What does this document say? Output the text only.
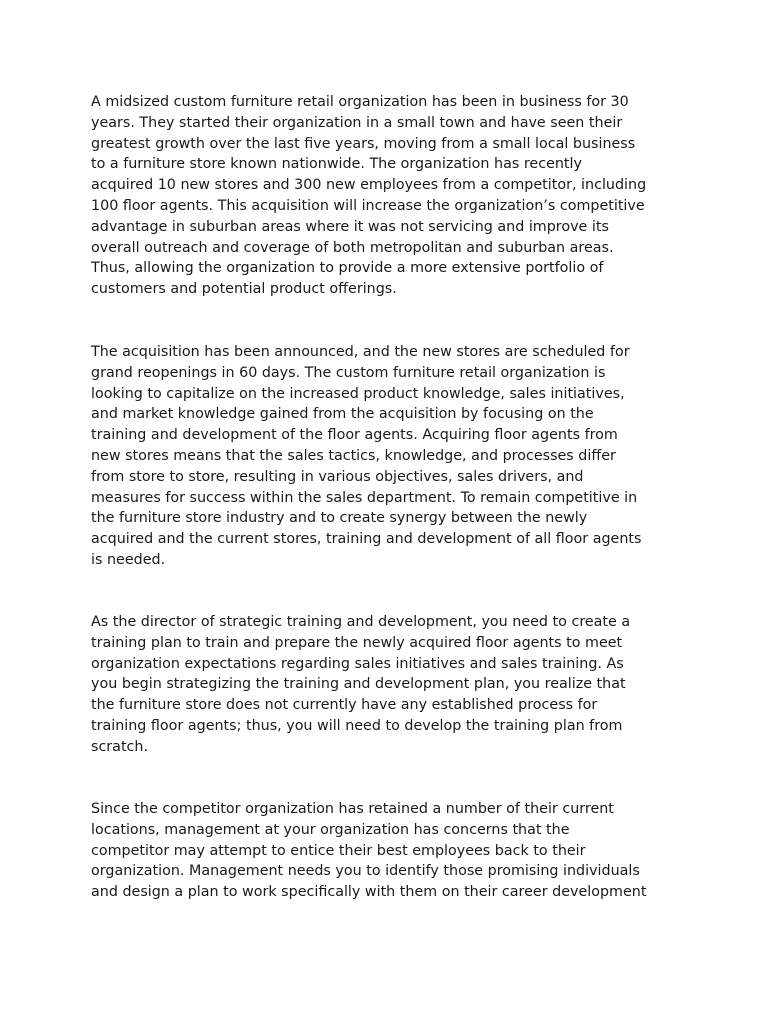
A midsized custom furniture retail organization has been in business for 30
years. They started their organization in a small town and have seen their
greatest growth over the last five years, moving from a small local business
to a furniture store known nationwide. The organization has recently
acquired 10 new stores and 300 new employees from a competitor, including
100 floor agents. This acquisition will increase the organization’s competitive
advantage in suburban areas where it was not servicing and improve its
overall outreach and coverage of both metropolitan and suburban areas.
Thus, allowing the organization to provide a more extensive portfolio of
customers and potential product offerings.

The acquisition has been announced, and the new stores are scheduled for
grand reopenings in 60 days. The custom furniture retail organization is
looking to capitalize on the increased product knowledge, sales initiatives,
and market knowledge gained from the acquisition by focusing on the
training and development of the floor agents. Acquiring floor agents from
new stores means that the sales tactics, knowledge, and processes differ
from store to store, resulting in various objectives, sales drivers, and
measures for success within the sales department. To remain competitive in
the furniture store industry and to create synergy between the newly
acquired and the current stores, training and development of all floor agents
is needed.

As the director of strategic training and development, you need to create a
training plan to train and prepare the newly acquired floor agents to meet
organization expectations regarding sales initiatives and sales training. As
you begin strategizing the training and development plan, you realize that
the furniture store does not currently have any established process for
training floor agents; thus, you will need to develop the training plan from
scratch.

Since the competitor organization has retained a number of their current
locations, management at your organization has concerns that the
competitor may attempt to entice their best employees back to their
organization. Management needs you to identify those promising individuals
and design a plan to work specifically with them on their career development
